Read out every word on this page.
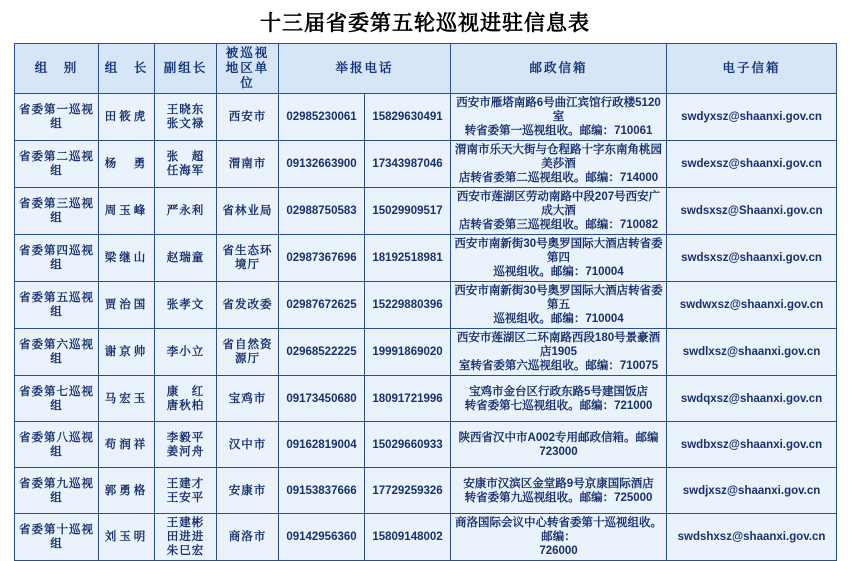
十三届省委第五轮巡视进驻信息表
组　别	组　长	副组长	被巡视
地区单位	举报电话		邮政信箱	电子信箱

省委第一巡视
组	田筱虎	王晓东
张文禄	西安市	02985230061	15829630491	西安市雁塔南路6号曲江宾馆行政楼5120室
转省委第一巡视组收。邮编：710061	swdyxsz@shaanxi.gov.cn

省委第二巡视
组	杨　勇	张　超
任海军	渭南市	09132663900	17343987046	渭南市乐天大街与仓程路十字东南角桃园美莎酒
店转省委第二巡视组收。邮编：714000	swdexsz@shaanxi.gov.cn

省委第三巡视
组	周玉峰	严永利	省林业局	02988750583	15029909517	西安市莲湖区劳动南路中段207号西安广成大酒
店转省委第三巡视组收。邮编：710082	swdsxsz@Shaanxi.gov.cn

省委第四巡视
组	梁继山	赵瑞童	省生态环
境厅	02987367696	18192518981	西安市南新街30号奥罗国际大酒店转省委第四
巡视组收。邮编：710004	swdsxsz@shaanxi.gov.cn

省委第五巡视
组	贾治国	张孝文	省发改委	02987672625	15229880396	西安市南新街30号奥罗国际大酒店转省委第五
巡视组收。邮编：710004	swdwxsz@shaanxi.gov.cn

省委第六巡视
组	谢京帅	李小立	省自然资
源厅	02968522225	19991869020	西安市莲湖区二环南路西段180号景豪酒店1905
室转省委第六巡视组收。邮编：710075	swdlxsz@shaanxi.gov.cn

省委第七巡视
组	马宏玉	康　红
唐秋柏	宝鸡市	09173450680	18091721996	宝鸡市金台区行政东路5号建国饭店
转省委第七巡视组收。邮编：721000	swdqxsz@shaanxi.gov.cn

省委第八巡视
组	苟润祥	李毅平
姜河舟	汉中市	09162819004	15029660933	陕西省汉中市A002专用邮政信箱。邮编723000	swdbxsz@shaanxi.gov.cn

省委第九巡视
组	郭勇格	王建才
王安平	安康市	09153837666	17729259326	安康市汉滨区金堂路9号京康国际酒店
转省委第九巡视组收。邮编：725000	swdjxsz@shaanxi.gov.cn

省委第十巡视
组	刘玉明	王建彬
田进进
朱巳宏	商洛市	09142956360	15809148002	商洛国际会议中心转省委第十巡视组收。邮编：
726000	swdshxsz@shaanxi.gov.cn
